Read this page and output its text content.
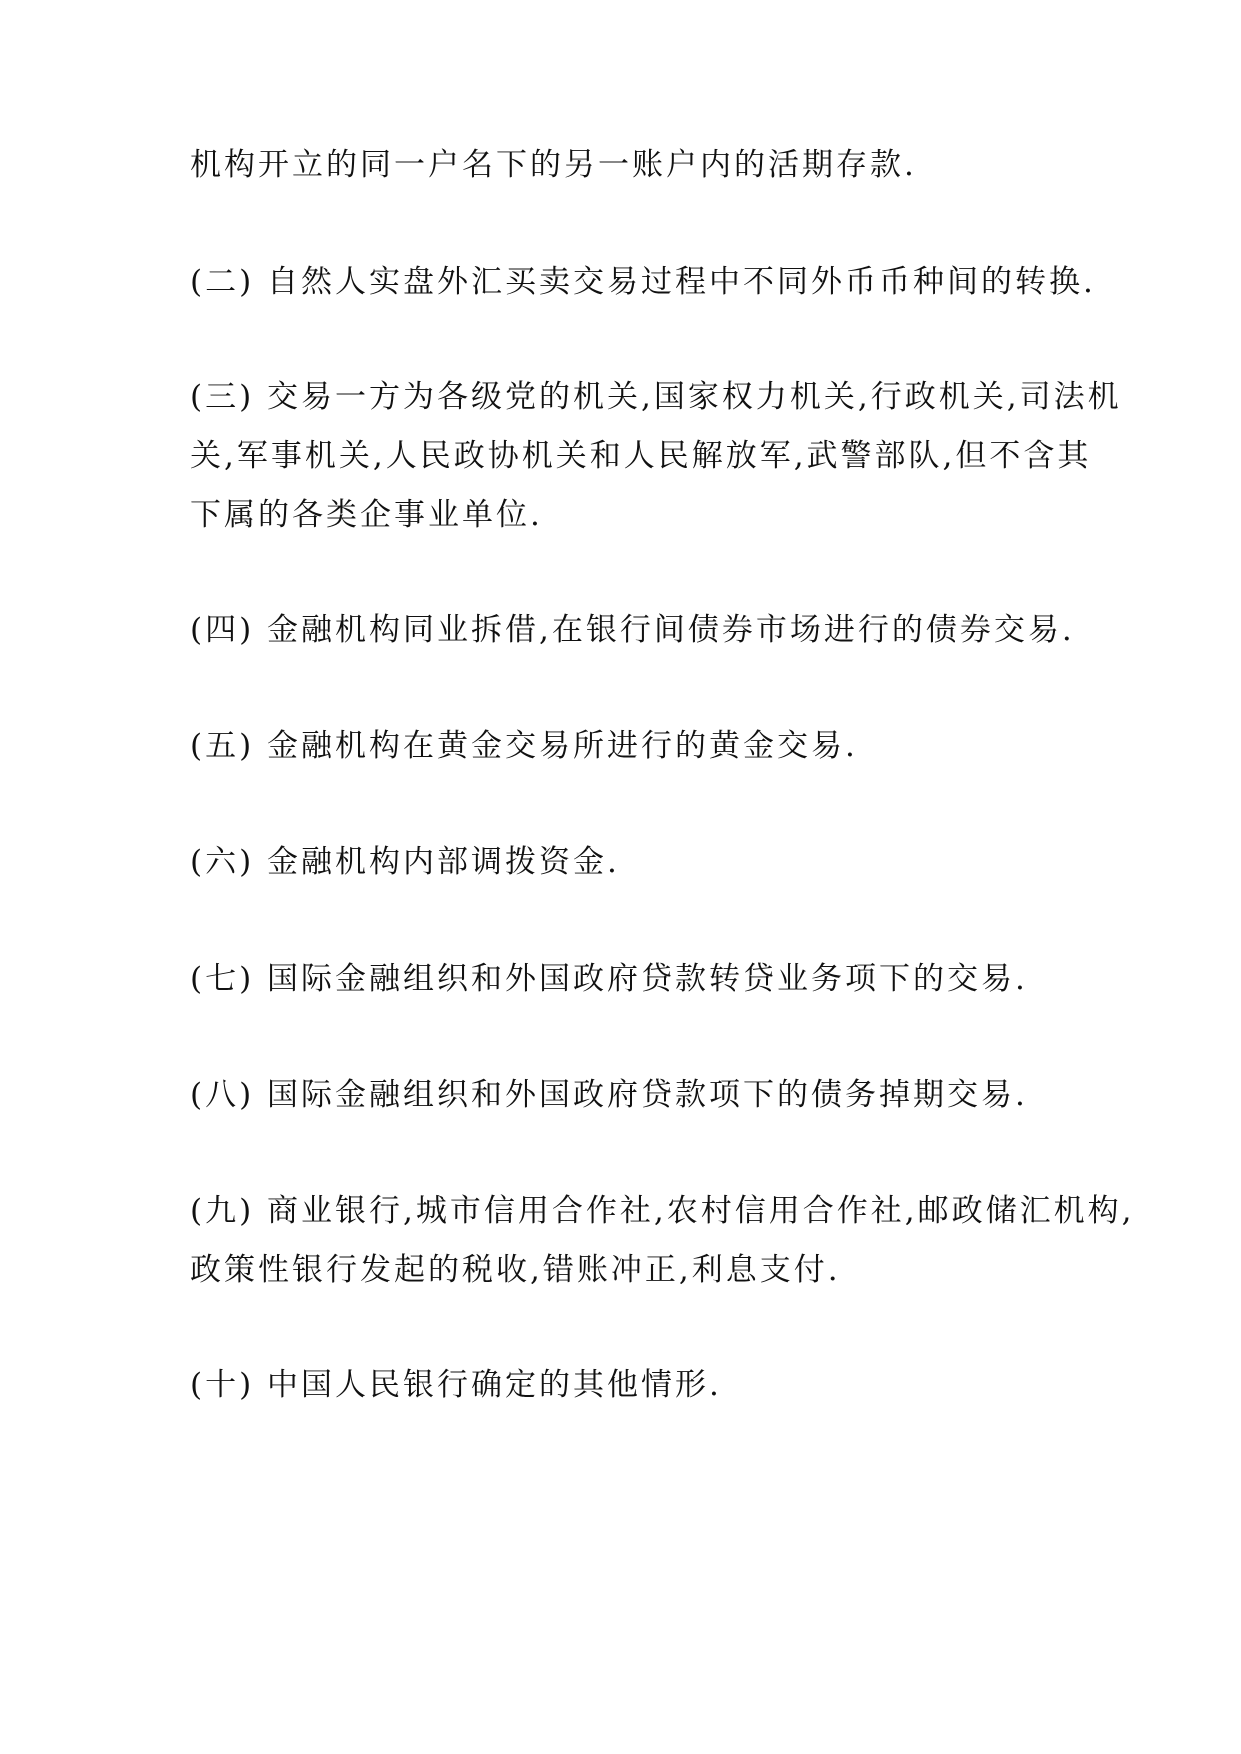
机构开立的同一户名下的另一账户内的活期存款.

(二) 自然人实盘外汇买卖交易过程中不同外币币种间的转换.

(三) 交易一方为各级党的机关,国家权力机关,行政机关,司法机
关,军事机关,人民政协机关和人民解放军,武警部队,但不含其
下属的各类企事业单位.

(四) 金融机构同业拆借,在银行间债券市场进行的债券交易.

(五) 金融机构在黄金交易所进行的黄金交易.

(六) 金融机构内部调拨资金.

(七) 国际金融组织和外国政府贷款转贷业务项下的交易.

(八) 国际金融组织和外国政府贷款项下的债务掉期交易.

(九) 商业银行,城市信用合作社,农村信用合作社,邮政储汇机构,
政策性银行发起的税收,错账冲正,利息支付.

(十) 中国人民银行确定的其他情形.
